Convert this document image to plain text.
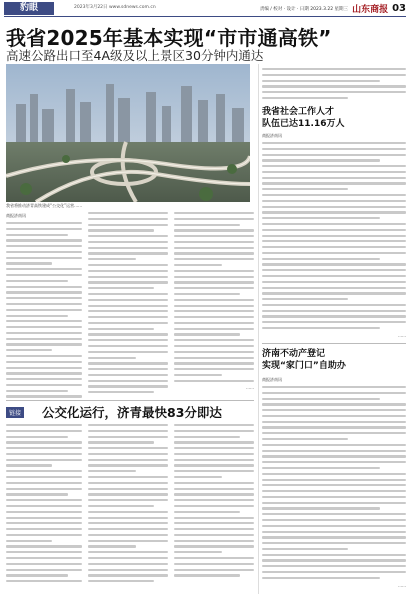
豹眼	2023年3月22日 www.sdnews.com.cn	责编 / 校对 · 设计 · 日期 2023.3.22 星期三 山东商报 03
我省2025年基本实现“市市通高铁”
高速公路出口至4A级及以上景区30分钟内通达
我省将推动济青高铁建成“公交化”运营……
商报济南讯
……
我省社会工作人才
队伍已达11.16万人
商报济南讯
……
济南不动产登记
实现“家门口”自助办
商报济南讯
……
链接 公交化运行，济青最快83分即达
